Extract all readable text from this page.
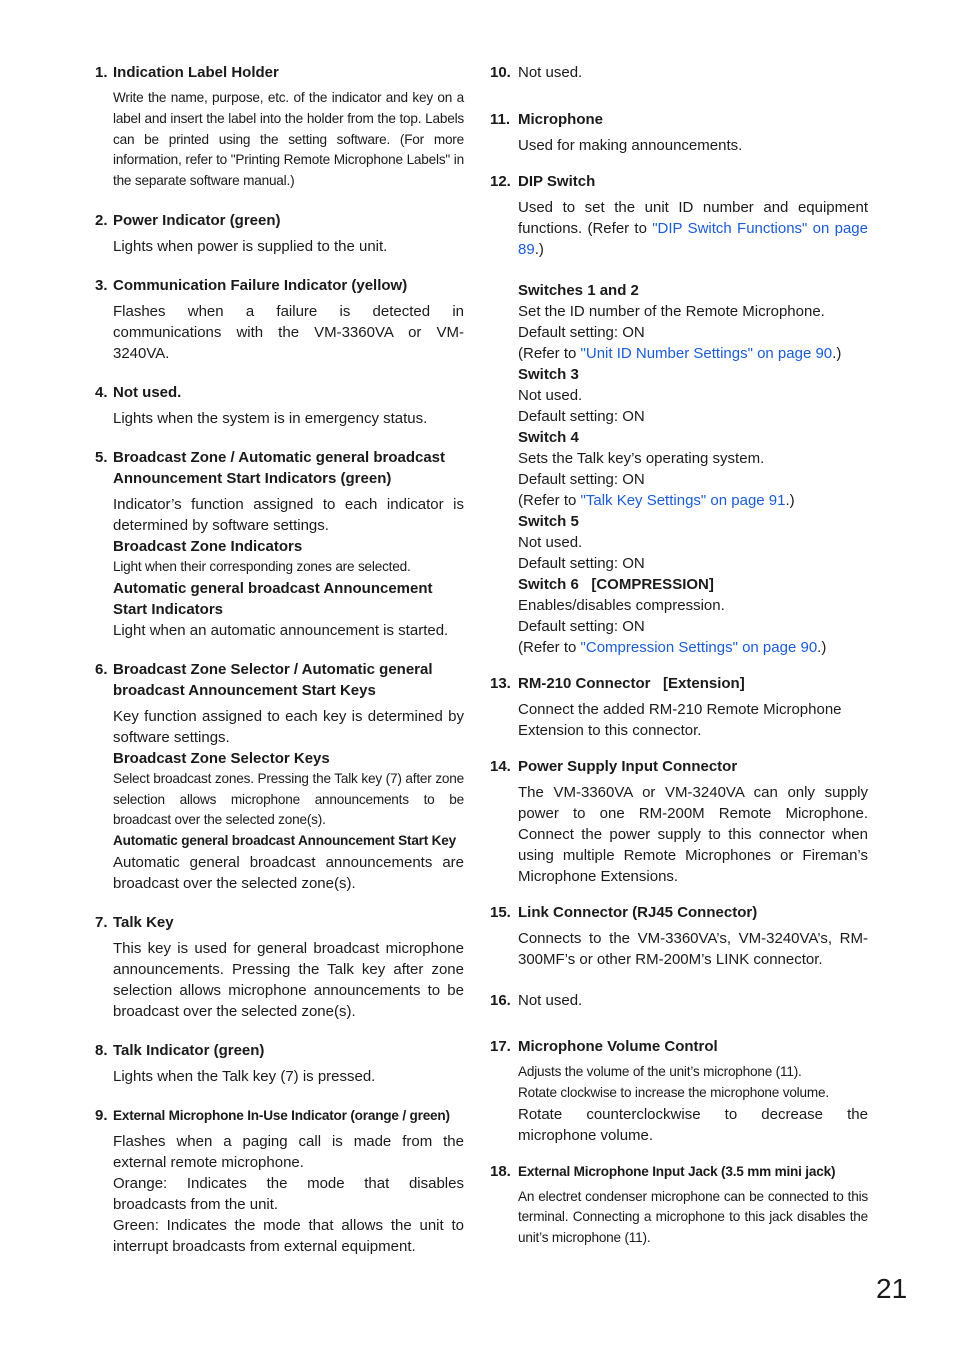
1. Indication Label Holder

Write the name, purpose, etc. of the indicator and key on a label and insert the label into the holder from the top. Labels can be printed using the setting software. (For more information, refer to "Printing Remote Microphone Labels" in the separate software manual.)

2. Power Indicator (green)

Lights when power is supplied to the unit.

3. Communication Failure Indicator (yellow)

Flashes when a failure is detected in communications with the VM-3360VA or VM-3240VA.

4. Not used.

Lights when the system is in emergency status.

5. Broadcast Zone / Automatic general broadcast Announcement Start Indicators (green)

Indicator’s function assigned to each indicator is determined by software settings.

Broadcast Zone Indicators

Light when their corresponding zones are selected.

Automatic general broadcast Announcement Start Indicators

Light when an automatic announcement is started.

6. Broadcast Zone Selector / Automatic general broadcast Announcement Start Keys

Key function assigned to each key is determined by software settings.

Broadcast Zone Selector Keys

Select broadcast zones. Pressing the Talk key (7) after zone selection allows microphone announcements to be broadcast over the selected zone(s).

Automatic general broadcast Announcement Start Key

Automatic general broadcast announcements are broadcast over the selected zone(s).

7. Talk Key

This key is used for general broadcast microphone announcements. Pressing the Talk key after zone selection allows microphone announcements to be broadcast over the selected zone(s).

8. Talk Indicator (green)

Lights when the Talk key (7) is pressed.

9. External Microphone In-Use Indicator (orange / green)

Flashes when a paging call is made from the external remote microphone.

Orange: Indicates the mode that disables broadcasts from the unit.

Green: Indicates the mode that allows the unit to interrupt broadcasts from external equipment.

10. Not used.
11. Microphone

Used for making announcements.

12. DIP Switch

Used to set the unit ID number and equipment functions. (Refer to "DIP Switch Functions" on page 89.)

Switches 1 and 2

Set the ID number of the Remote Microphone.

Default setting: ON

(Refer to "Unit ID Number Settings" on page 90.)

Switch 3

Not used.

Default setting: ON

Switch 4

Sets the Talk key’s operating system.

Default setting: ON

(Refer to "Talk Key Settings" on page 91.)

Switch 5

Not used.

Default setting: ON

Switch 6   [COMPRESSION]

Enables/disables compression.

Default setting: ON

(Refer to "Compression Settings" on page 90.)

13. RM-210 Connector   [Extension]

Connect the added RM-210 Remote Microphone Extension to this connector.

14. Power Supply Input Connector

The VM-3360VA or VM-3240VA can only supply power to one RM-200M Remote Microphone. Connect the power supply to this connector when using multiple Remote Microphones or Fireman’s Microphone Extensions.

15. Link Connector (RJ45 Connector)

Connects to the VM-3360VA’s, VM-3240VA’s, RM-300MF’s or other RM-200M’s LINK connector.

16. Not used.
17. Microphone Volume Control

Adjusts the volume of the unit’s microphone (11).

Rotate clockwise to increase the microphone volume.

Rotate counterclockwise to decrease the microphone volume.

18. External Microphone Input Jack (3.5 mm mini jack)

An electret condenser microphone can be connected to this terminal. Connecting a microphone to this jack disables the unit’s microphone (11).

21
